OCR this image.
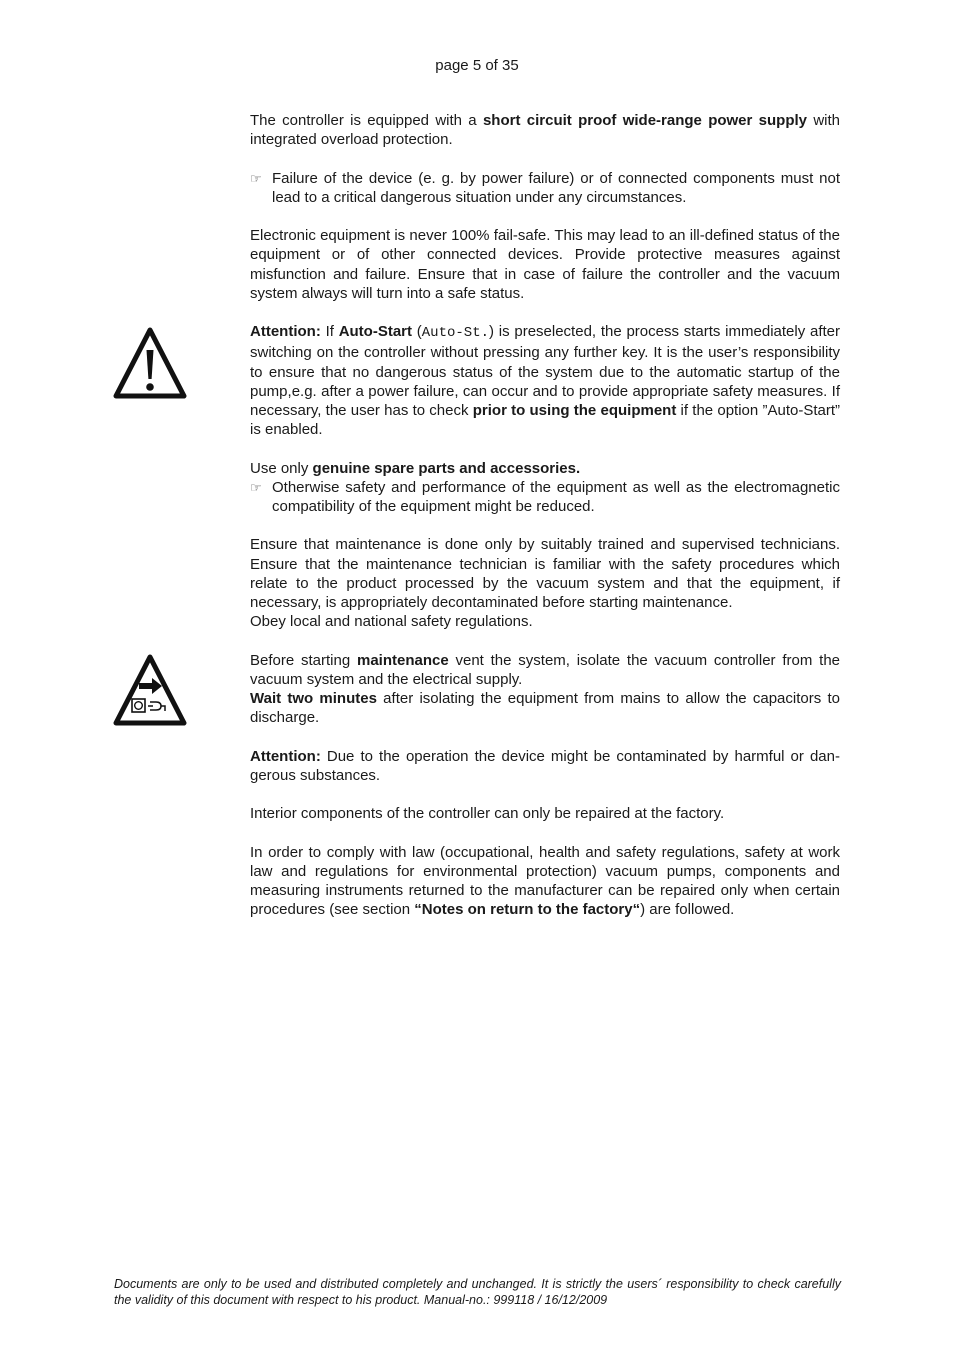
page 5 of 35

The controller is equipped with a short circuit proof wide-range power supply with integrated overload protection.

☞ Failure of the device (e. g. by power failure) or of connected components must not lead to a critical dangerous situation under any circumstances.

Electronic equipment is never 100% fail-safe. This may lead to an ill-defined status of the equipment or of other connected devices. Provide protective measures against misfunction and failure. Ensure that in case of failure the controller and the vacuum system always will turn into a safe status.

Attention: If Auto-Start (Auto-St.) is preselected, the process starts immediately after switching on the controller without pressing any further key. It is the user’s responsibility to ensure that no dangerous status of the system due to the automatic startup of the pump,e.g. after a power failure, can occur and to provide appropriate safety measures. If necessary, the user has to check prior to using the equipment if the option ”Auto-Start” is enabled.

Use only genuine spare parts and accessories.

☞ Otherwise safety and performance of the equipment as well as the electromagnetic compatibility of the equipment might be reduced.

Ensure that maintenance is done only by suitably trained and supervised technicians. Ensure that the maintenance technician is familiar with the safety procedures which relate to the product processed by the vacuum system and that the equipment, if necessary, is appropriately decontaminated before starting maintenance.
Obey local and national safety regulations.

Before starting maintenance vent the system, isolate the vacuum controller from the vacuum system and the electrical supply.
Wait two minutes after isolating the equipment from mains to allow the capacitors to discharge.

Attention: Due to the operation the device might be contaminated by harmful or dangerous substances.

Interior components of the controller can only be repaired at the factory.

In order to comply with law (occupational, health and safety regulations, safety at work law and regulations for environmental protection) vacuum pumps, components and measuring instruments returned to the manufacturer can be repaired only when certain procedures (see section “Notes on return to the factory“) are followed.

Documents are only to be used and distributed completely and unchanged. It is strictly the users´ responsibility to check carefully the validity of this document with respect to his product. Manual-no.: 999118 / 16/12/2009
